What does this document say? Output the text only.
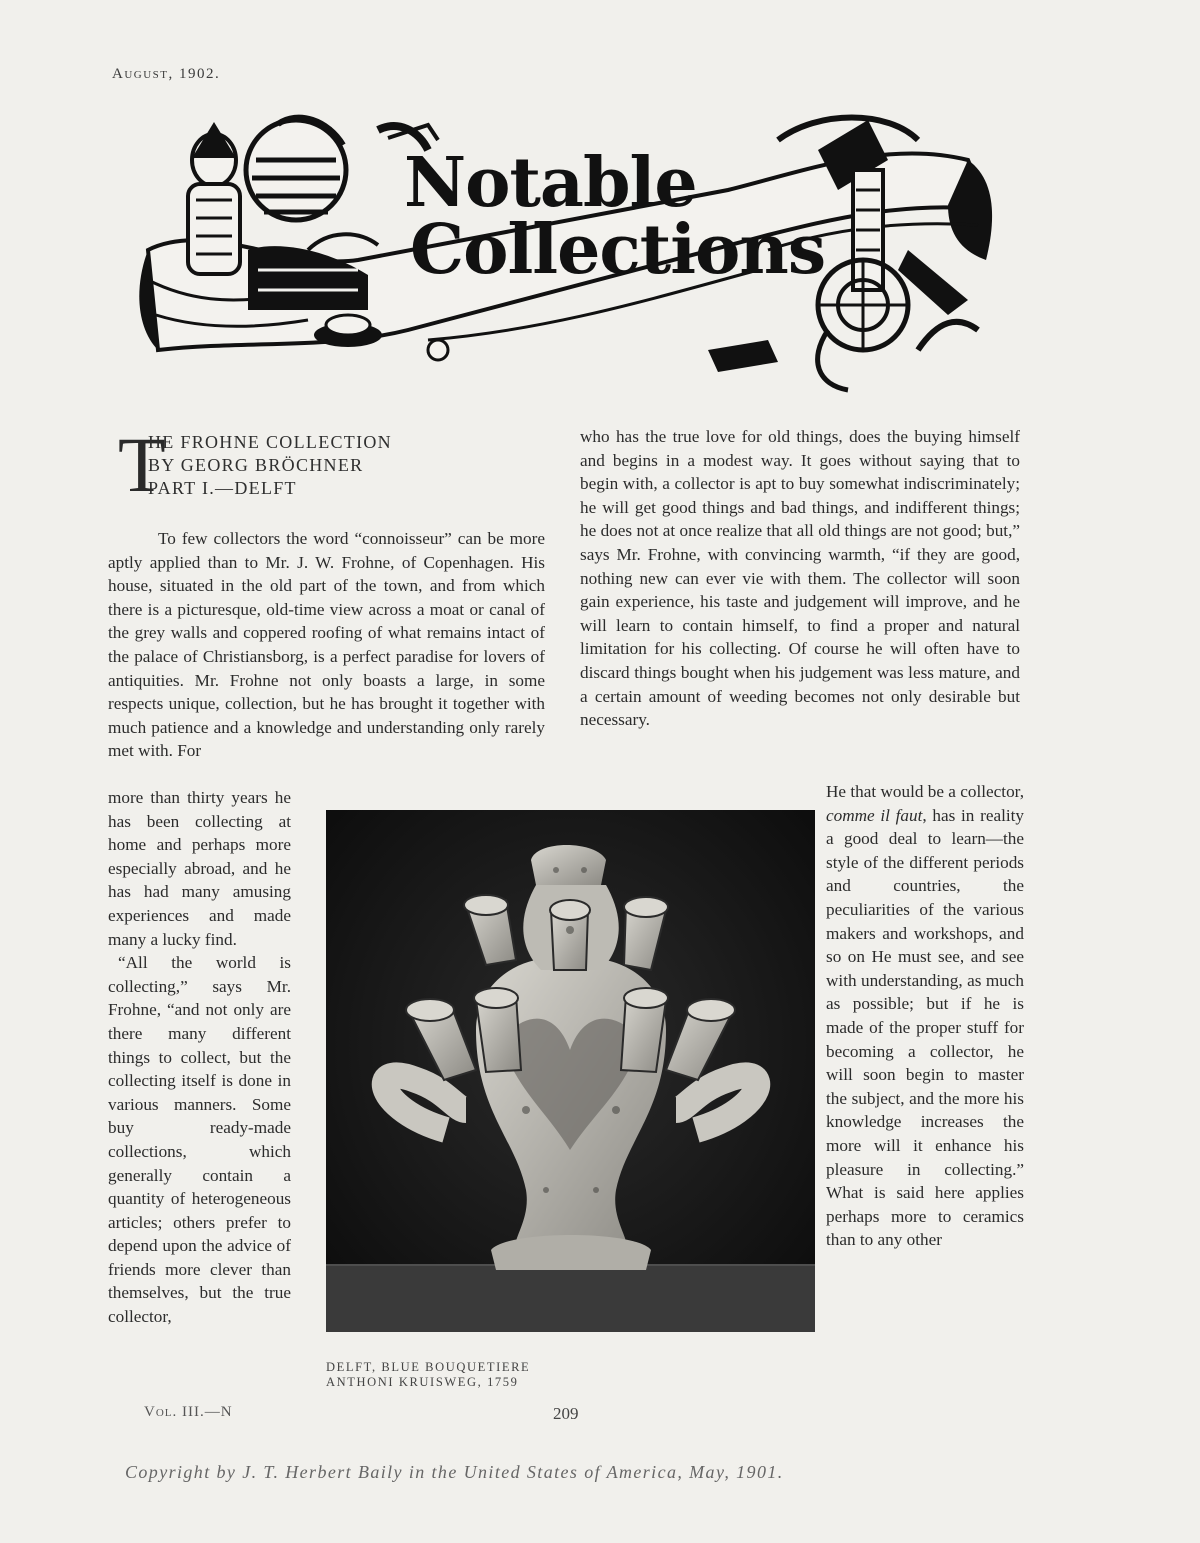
August, 1902.
Notable
Collections
T
HE FROHNE COLLECTION
BY GEORG BRÖCHNER
PART I.—DELFT

To few collectors the word “connoisseur” can be more aptly applied than to Mr. J. W. Frohne, of Copenhagen. His house, situated in the old part of the town, and from which there is a picturesque, old-time view across a moat or canal of the grey walls and coppered roofing of what remains intact of the palace of Christiansborg, is a perfect paradise for lovers of antiquities. Mr. Frohne not only boasts a large, in some respects unique, collection, but he has brought it together with much patience and a knowledge and understanding only rarely met with. For

more than thirty years he has been collecting at home and perhaps more especially abroad, and he has had many amusing experiences and made many a lucky find.

“All the world is collecting,” says Mr. Frohne, “and not only are there many different things to collect, but the collecting itself is done in various manners. Some buy ready-made collections, which generally contain a quantity of heterogeneous articles; others prefer to depend upon the advice of friends more clever than themselves, but the true collector,

who has the true love for old things, does the buying himself and begins in a modest way. It goes without saying that to begin with, a collector is apt to buy somewhat indiscriminately; he will get good things and bad things, and indifferent things; he does not at once realize that all old things are not good; but,” says Mr. Frohne, with convincing warmth, “if they are good, nothing new can ever vie with them. The collector will soon gain experience, his taste and judgement will improve, and he will learn to contain himself, to find a proper and natural limitation for his collecting. Of course he will often have to discard things bought when his judgement was less mature, and a certain amount of weeding becomes not only desirable but necessary.

He that would be a collector, comme il faut, has in reality a good deal to learn—the style of the different periods and countries, the peculiarities of the various makers and workshops, and so on He must see, and see with understanding, as much as possible; but if he is made of the proper stuff for becoming a collector, he will soon begin to master the subject, and the more his knowledge increases the more will it enhance his pleasure in collecting.” What is said here applies perhaps more to ceramics than to any other

DELFT, BLUE BOUQUETIERE
ANTHONI KRUISWEG, 1759
Vol. III.—N	209
Copyright by J. T. Herbert Baily in the United States of America, May, 1901.
